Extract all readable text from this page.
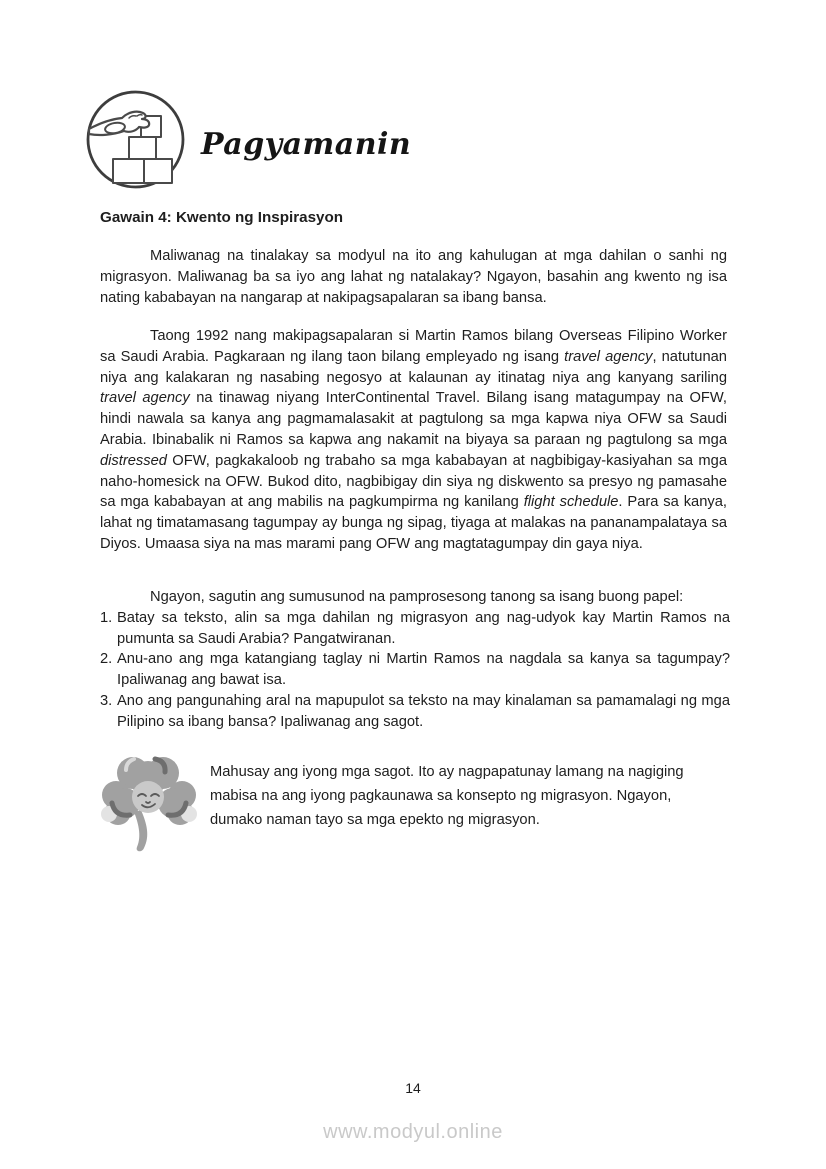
Pagyamanin
Gawain 4: Kwento ng Inspirasyon

Maliwanag na tinalakay sa modyul na ito ang kahulugan at mga dahilan o sanhi ng migrasyon. Maliwanag ba sa iyo ang lahat ng natalakay? Ngayon, basahin ang kwento ng isa nating kababayan na nangarap at nakipagsapalaran sa ibang bansa.

Taong 1992 nang makipagsapalaran si Martin Ramos bilang Overseas Filipino Worker sa Saudi Arabia. Pagkaraan ng ilang taon bilang empleyado ng isang travel agency, natutunan niya ang kalakaran ng nasabing negosyo at kalaunan ay itinatag niya ang kanyang sariling travel agency na tinawag niyang InterContinental Travel. Bilang isang matagumpay na OFW, hindi nawala sa kanya ang pagmamalasakit at pagtulong sa mga kapwa niya OFW sa Saudi Arabia. Ibinabalik ni Ramos sa kapwa ang nakamit na biyaya sa paraan ng pagtulong sa mga distressed OFW, pagkakaloob ng trabaho sa mga kababayan at nagbibigay-kasiyahan sa mga naho-homesick na OFW. Bukod dito, nagbibigay din siya ng diskwento sa presyo ng pamasahe sa mga kababayan at ang mabilis na pagkumpirma ng kanilang flight schedule. Para sa kanya, lahat ng timatamasang tagumpay ay bunga ng sipag, tiyaga at malakas na pananampalataya sa Diyos. Umaasa siya na mas marami pang OFW ang magtatagumpay din gaya niya.

Ngayon, sagutin ang sumusunod na pamprosesong tanong sa isang buong papel:

1. Batay sa teksto, alin sa mga dahilan ng migrasyon ang nag-udyok kay Martin Ramos na pumunta sa Saudi Arabia? Pangatwiranan.
2. Anu-ano ang mga katangiang taglay ni Martin Ramos na nagdala sa kanya sa tagumpay? Ipaliwanag ang bawat isa.
3. Ano ang pangunahing aral na mapupulot sa teksto na may kinalaman sa pamamalagi ng mga Pilipino sa ibang bansa? Ipaliwanag ang sagot.

Mahusay ang iyong mga sagot. Ito ay nagpapatunay lamang na nagiging mabisa na ang iyong pagkaunawa sa konsepto ng migrasyon. Ngayon, dumako naman tayo sa mga epekto ng migrasyon.

14
www.modyul.online
